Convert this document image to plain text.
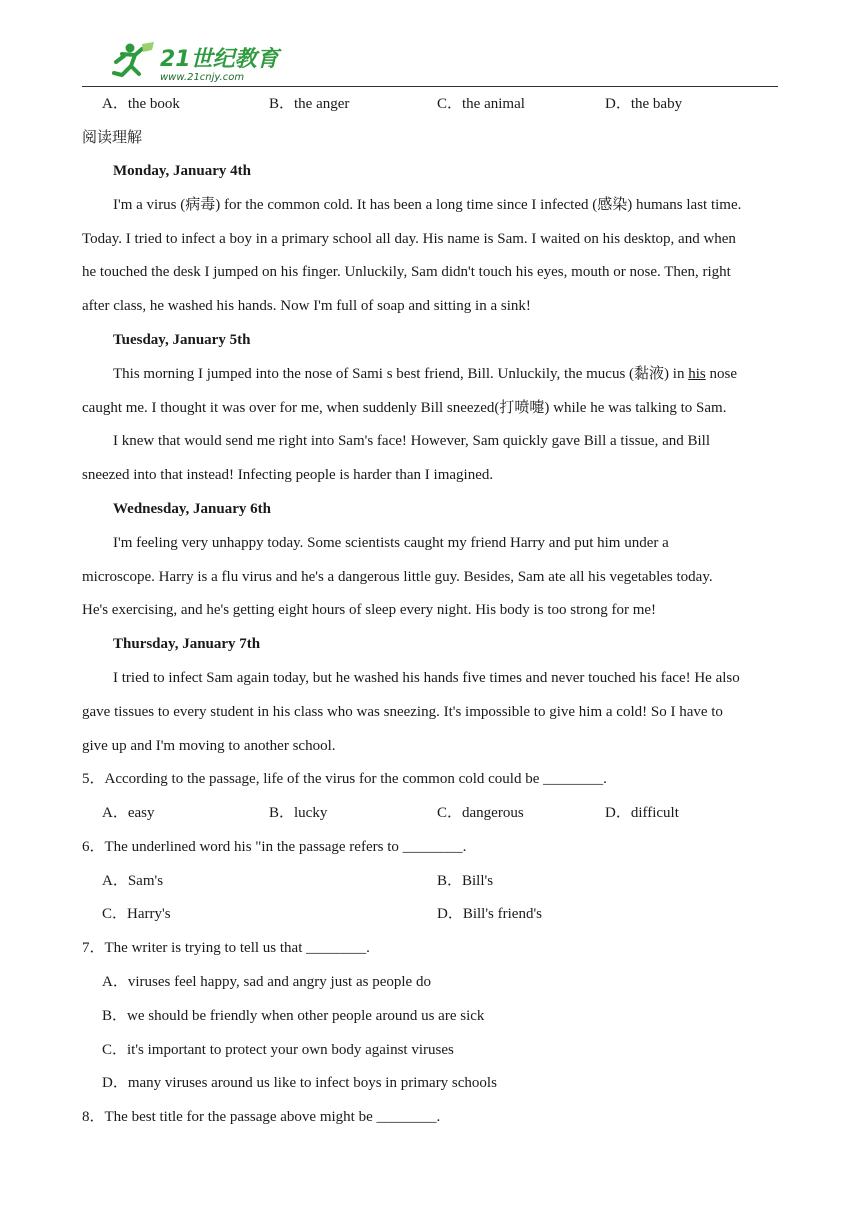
21世纪教育
www.21cnjy.com
A．the book	B．the anger	C．the animal	D．the baby
阅读理解
Monday, January 4th
I'm a virus (病毒) for the common cold. It has been a long time since I infected (感染) humans last time.
Today. I tried to infect a boy in a primary school all day. His name is Sam. I waited on his desktop, and when
he touched the desk I jumped on his finger. Unluckily, Sam didn't touch his eyes, mouth or nose. Then, right
after class, he washed his hands. Now I'm full of soap and sitting in a sink!
Tuesday, January 5th
This morning I jumped into the nose of Sami s best friend, Bill. Unluckily, the mucus (黏液) in his nose
caught me. I thought it was over for me, when suddenly Bill sneezed(打喷嚏) while he was talking to Sam.
I knew that would send me right into Sam's face! However, Sam quickly gave Bill a tissue, and Bill
sneezed into that instead! Infecting people is harder than I imagined.
Wednesday, January 6th
I'm feeling very unhappy today. Some scientists caught my friend Harry and put him under a
microscope. Harry is a flu virus and he's a dangerous little guy. Besides, Sam ate all his vegetables today.
He's exercising, and he's getting eight hours of sleep every night. His body is too strong for me!
Thursday, January 7th
I tried to infect Sam again today, but he washed his hands five times and never touched his face! He also
gave tissues to every student in his class who was sneezing. It's impossible to give him a cold! So I have to
give up and I'm moving to another school.
5．According to the passage, life of the virus for the common cold could be ________.
A．easy	B．lucky	C．dangerous	D．difficult
6．The underlined word his "in the passage refers to ________.
A．Sam's	B．Bill's
C．Harry's	D．Bill's friend's
7．The writer is trying to tell us that ________.
A．viruses feel happy, sad and angry just as people do
B．we should be friendly when other people around us are sick
C．it's important to protect your own body against viruses
D．many viruses around us like to infect boys in primary schools
8．The best title for the passage above might be ________.
